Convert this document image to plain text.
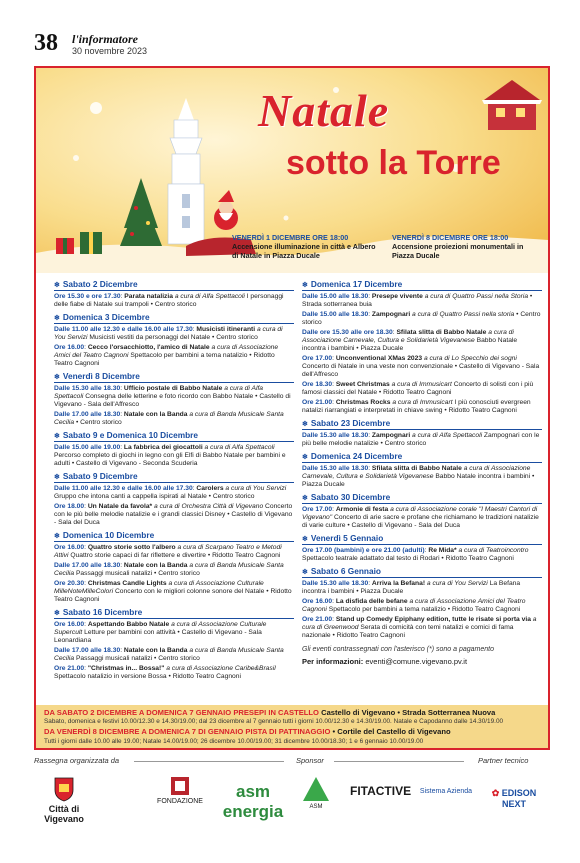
38 l'informatore
30 novembre 2023
Natale
sotto la Torre
VENERDÌ 1 DICEMBRE ORE 18:00
Accensione illuminazione in città e Albero di Natale in Piazza Ducale
VENERDÌ 8 DICEMBRE ORE 18:00
Accensione proiezioni monumentali in Piazza Ducale
❄ Sabato 2 Dicembre
Ore 15.30 e ore 17.30: Parata natalizia a cura di Alfa Spettacoli I personaggi delle fiabe di Natale sui trampoli • Centro storico
❄ Domenica 3 Dicembre
Dalle 11.00 alle 12.30 e dalle 16.00 alle 17.30: Musicisti itineranti a cura di You Servizi Musicisti vestiti da personaggi del Natale • Centro storico
Ore 16.00: Cecco l'orsacchiotto, l'amico di Natale a cura di Associazione Amici del Teatro Cagnoni Spettacolo per bambini a tema natalizio • Ridotto Teatro Cagnoni
❄ Venerdì 8 Dicembre
Dalle 15.30 alle 18.30: Ufficio postale di Babbo Natale a cura di Alfa Spettacoli Consegna delle letterine e foto ricordo con Babbo Natale • Castello di Vigevano - Sala dell'Affresco
Dalle 17.00 alle 18.30: Natale con la Banda a cura di Banda Musicale Santa Cecilia • Centro storico
❄ Sabato 9 e Domenica 10 Dicembre
Dalle 15.00 alle 19.00: La fabbrica dei giocattoli a cura di Alfa Spettacoli Percorso completo di giochi in legno con gli Elfi di Babbo Natale per bambini e adulti • Castello di Vigevano - Seconda Scuderia
❄ Sabato 9 Dicembre
Dalle 11.00 alle 12.30 e dalle 16.00 alle 17.30: Carolers a cura di You Servizi Gruppo che intona canti a cappella ispirati al Natale • Centro storico
Ore 18.00: Un Natale da favola* a cura di Orchestra Città di Vigevano Concerto con le più belle melodie natalizie e i grandi classici Disney • Castello di Vigevano - Sala del Duca
❄ Domenica 10 Dicembre
Ore 16.00: Quattro storie sotto l'albero a cura di Scarpano Teatro e Metodi Attivi Quattro storie capaci di far riflettere e divertire • Ridotto Teatro Cagnoni
Dalle 17.00 alle 18.30: Natale con la Banda a cura di Banda Musicale Santa Cecilia Passaggi musicali natalizi • Centro storico
Ore 20.30: Christmas Candle Lights a cura di Associazione Culturale MilleNoteMilleColori Concerto con le migliori colonne sonore del Natale • Ridotto Teatro Cagnoni
❄ Sabato 16 Dicembre
Ore 16.00: Aspettando Babbo Natale a cura di Associazione Culturale Supercult Letture per bambini con attività • Castello di Vigevano - Sala Leonardiana
Dalle 17.00 alle 18.30: Natale con la Banda a cura di Banda Musicale Santa Cecilia Passaggi musicali natalizi • Centro storico
Ore 21.00: "Christmas in... Bossa!" a cura di Associazione Caribe&Brasil Spettacolo natalizio in versione Bossa • Ridotto Teatro Cagnoni
❄ Domenica 17 Dicembre
Dalle 15.00 alle 18.30: Presepe vivente a cura di Quattro Passi nella Storia • Strada sotterranea buia
Dalle 15.00 alle 18.30: Zampognari a cura di Quattro Passi nella storia • Centro storico
Dalle ore 15.30 alle ore 18.30: Sfilata slitta di Babbo Natale a cura di Associazione Carnevale, Cultura e Solidarietà Vigevanese Babbo Natale incontra i bambini • Piazza Ducale
Ore 17.00: Unconventional XMas 2023 a cura di Lo Specchio dei sogni Concerto di Natale in una veste non convenzionale • Castello di Vigevano - Sala dell'Affresco
Ore 18.30: Sweet Christmas a cura di Immusicart Concerto di solisti con i più famosi classici del Natale • Ridotto Teatro Cagnoni
Ore 21.00: Christmas Rocks a cura di Immusicart I più conosciuti evergreen natalizi riarrangiati e interpretati in chiave swing • Ridotto Teatro Cagnoni
❄ Sabato 23 Dicembre
Dalle 15.30 alle 18.30: Zampognari a cura di Alfa Spettacoli Zampognari con le più belle melodie natalizie • Centro storico
❄ Domenica 24 Dicembre
Dalle 15.30 alle 18.30: Sfilata slitta di Babbo Natale a cura di Associazione Carnevale, Cultura e Solidarietà Vigevanese Babbo Natale incontra i bambini • Piazza Ducale
❄ Sabato 30 Dicembre
Ore 17.00: Armonie di festa a cura di Associazione corale "I Maestri Cantori di Vigevano" Concerto di arie sacre e profane che richiamano le tradizioni natalizie di varie culture • Castello di Vigevano - Sala del Duca
❄ Venerdì 5 Gennaio
Ore 17.00 (bambini) e ore 21.00 (adulti): Re Mida* a cura di Teatroincontro Spettacolo teatrale adattato dal testo di Rodari • Ridotto Teatro Cagnoni
❄ Sabato 6 Gennaio
Dalle 15.30 alle 18.30: Arriva la Befana! a cura di You Servizi La Befana incontra i bambini • Piazza Ducale
Ore 16.00: La disfida delle befane a cura di Associazione Amici del Teatro Cagnoni Spettacolo per bambini a tema natalizio • Ridotto Teatro Cagnoni
Ore 21.00: Stand up Comedy Epiphany edition, tutte le risate si porta via a cura di Greenwood Serata di comicità con temi natalizi e comici di fama nazionale • Ridotto Teatro Cagnoni
Gli eventi contrassegnati con l'asterisco (*) sono a pagamento
Per informazioni: eventi@comune.vigevano.pv.it
DA SABATO 2 DICEMBRE A DOMENICA 7 GENNAIO PRESEPI IN CASTELLO Castello di Vigevano • Strada Sotterranea Nuova
Sabato, domenica e festivi 10.00/12.30 e 14.30/19.00; dal 23 dicembre al 7 gennaio tutti i giorni 10.00/12.30 e 14.30/19.00. Natale e Capodanno dalle 14.30/19.00
DA VENERDÌ 8 DICEMBRE A DOMENICA 7 DI GENNAIO PISTA DI PATTINAGGIO • Cortile del Castello di Vigevano
Tutti i giorni dalle 10.00 alle 19.00; Natale 14.00/19.00; 26 dicembre 10.00/19.00; 31 dicembre 10.00/18.30; 1 e 6 gennaio 10.00/19.00
Rassegna organizzata da	Sponsor	Partner tecnico
Città di Vigevano
FONDAZIONE
asm energia	ASM
FITACTIVE Sistema Azienda	✿ EDISON NEXT
